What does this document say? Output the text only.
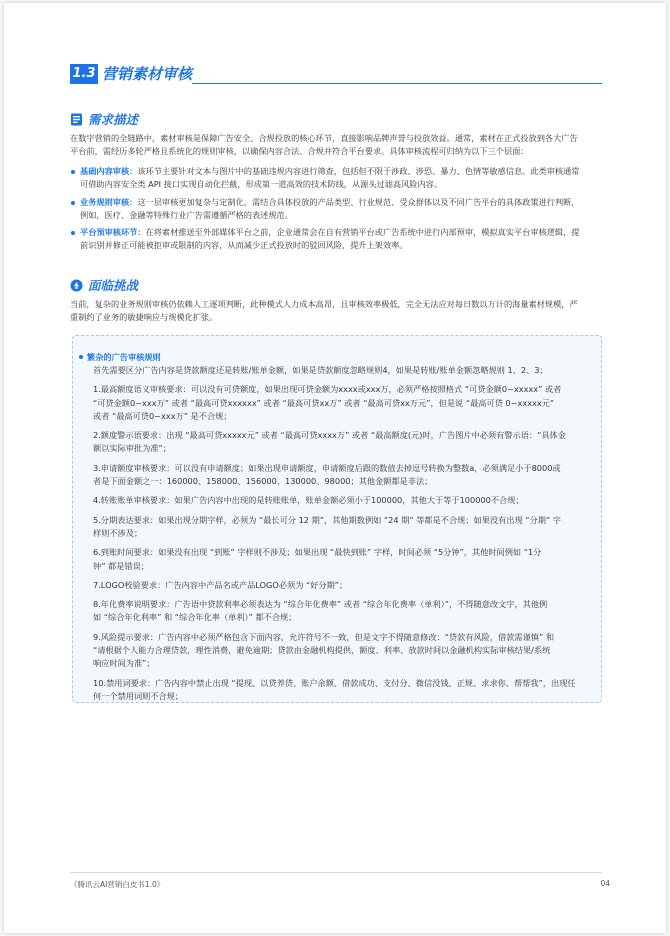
1.3 营销素材审核
需求描述
在数字营销的全链路中，素材审核是保障广告安全、合规投放的核心环节，直接影响品牌声誉与投放效益。通常，素材在正式投放到各大广告
平台前，需经历多轮严格且系统化的规则审核，以确保内容合法、合规并符合平台要求。具体审核流程可归纳为以下三个层面：
基础内容审核：该环节主要针对文本与图片中的基础违规内容进行筛查，包括但不限于涉政、涉恐、暴力、色情等敏感信息。此类审核通常
可借助内容安全类 API 接口实现自动化拦截，形成第一道高效的技术防线，从源头过滤高风险内容。
业务规则审核：这一层审核更加复杂与定制化，需结合具体投放的产品类型、行业规范、受众群体以及不同广告平台的具体政策进行判断，
例如，医疗、金融等特殊行业广告需遵循严格的表述规范。
平台预审核环节：在将素材推送至外部媒体平台之前，企业通常会在自有营销平台或广告系统中进行内部预审，模拟真实平台审核逻辑，提
前识别并修正可能被拒审或限制的内容，从而减少正式投放时的驳回风险，提升上架效率。
面临挑战
当前，复杂的业务规则审核仍依赖人工逐项判断，此种模式人力成本高昂，且审核效率极低，完全无法应对每日数以万计的海量素材规模，严
重制约了业务的敏捷响应与规模化扩张。
繁杂的广告审核规则
首先需要区分广告内容是贷款额度还是转账/账单金额，如果是贷款额度忽略规则4，如果是转账/账单金额忽略规则 1、2、3；
1.最高额度语义审核要求：可以没有可贷额度，如果出现可贷金额为xxxx或xxx万，必须严格按照格式 “可贷金额0~xxxxx” 或者
“可贷金额0~xxx万” 或者 “最高可贷xxxxxx” 或者 “最高可贷xx万” 或者 “最高可贷xx万元”，但是说 “最高可贷 0~xxxxx元”
或者 “最高可贷0~xxx万” 是不合规；
2.额度警示语要求：出现 “最高可贷xxxxx元” 或者 “最高可贷xxxx万” 或者 “最高额度(元)时，广告图片中必须有警示语：“具体金
额以实际审批为准”；
3.申请额度审核要求：可以没有申请额度；如果出现申请额度，申请额度后跟的数值去掉逗号转换为整数a，必须满足小于8000或
者是下面金额之一：160000、158000、156000、130000、98000；其他金额都是非法；
4.转账账单审核要求：如果广告内容中出现的是转账账单，账单金额必须小于100000，其他大于等于100000不合规；
5.分期表达要求：如果出现分期字样，必须为 “最长可分 12 期”，其他期数例如 “24 期” 等都是不合规；如果没有出现 “分期” 字
样则不涉及；
6.到账时间要求：如果没有出现 “到账” 字样则不涉及；如果出现 “最快到账” 字样，时间必须 “5分钟”，其他时间例如 “1分
钟” 都是错误；
7.LOGO校验要求：广告内容中产品名或产品LOGO必须为 “好分期”；
8.年化费率说明要求：广告语中贷款利率必须表达为 “综合年化费率” 或者 “综合年化费率（单利）”，不得随意改文字，其他例
如 “综合年化利率” 和 “综合年化率（单利）” 都不合规；
9.风险提示要求：广告内容中必须严格包含下面内容，允许符号不一致，但是文字不得随意修改：“贷款有风险，借款需谨慎” 和
“请根据个人能力合理贷款，理性消费，避免逾期；贷款由金融机构提供，额度、利率、放款时间以金融机构实际审核结果/系统
响应时间为准”；
10.禁用词要求：广告内容中禁止出现 “提现、以贷养贷、账户余额、借款成功、支付分、微信没钱、正规、求求你、帮帮我”，出现任
何一个禁用词则不合规；
《腾讯云AI营销白皮书1.0》	04
